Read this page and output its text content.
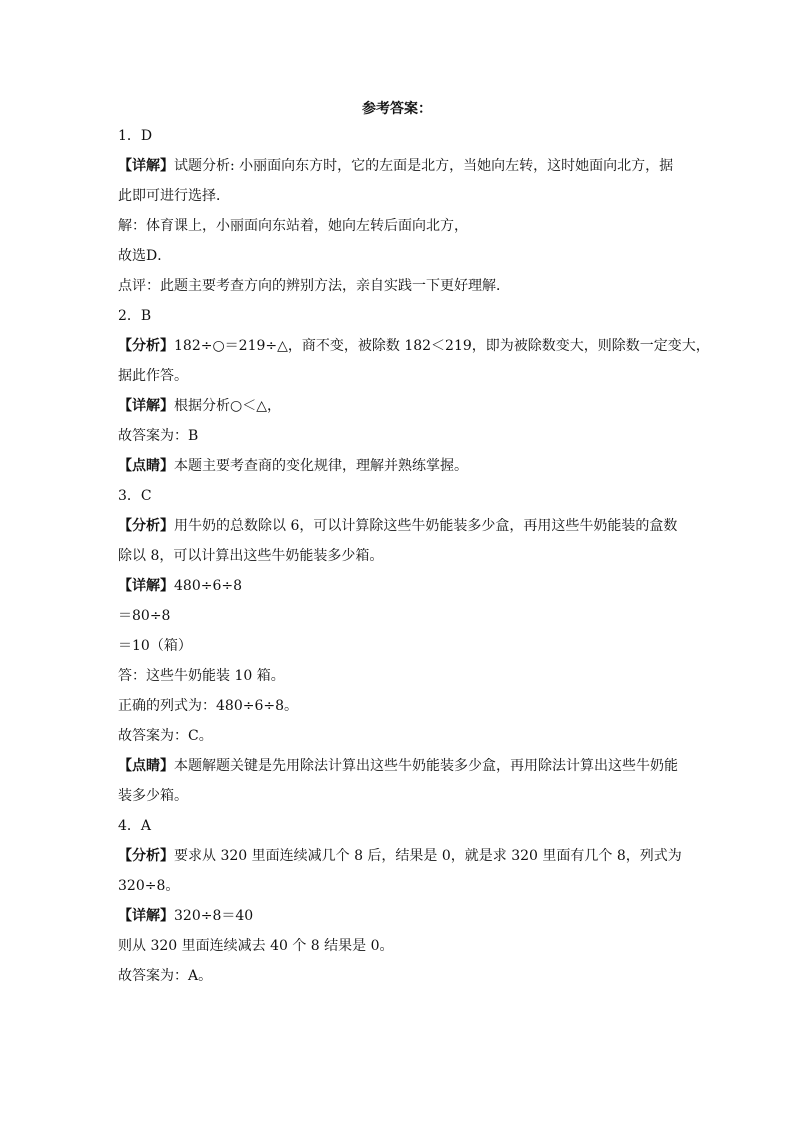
参考答案：

1．D

【详解】试题分析: 小丽面向东方时，它的左面是北方，当她向左转，这时她面向北方，据

此即可进行选择．

解：体育课上，小丽面向东站着，她向左转后面向北方，

故选D．

点评：此题主要考查方向的辨别方法，亲自实践一下更好理解．

2．B

【分析】182÷○＝219÷△，商不变，被除数 182＜219，即为被除数变大，则除数一定变大，

据此作答。

【详解】根据分析○＜△，

故答案为：B

【点睛】本题主要考查商的变化规律，理解并熟练掌握。

3．C

【分析】用牛奶的总数除以 6，可以计算除这些牛奶能装多少盒，再用这些牛奶能装的盒数

除以 8，可以计算出这些牛奶能装多少箱。

【详解】480÷6÷8

＝80÷8

＝10（箱）

答：这些牛奶能装 10 箱。

正确的列式为：480÷6÷8。

故答案为：C。

【点睛】本题解题关键是先用除法计算出这些牛奶能装多少盒，再用除法计算出这些牛奶能

装多少箱。

4．A

【分析】要求从 320 里面连续减几个 8 后，结果是 0，就是求 320 里面有几个 8，列式为

320÷8。

【详解】320÷8＝40

则从 320 里面连续减去 40 个 8 结果是 0。

故答案为：A。
